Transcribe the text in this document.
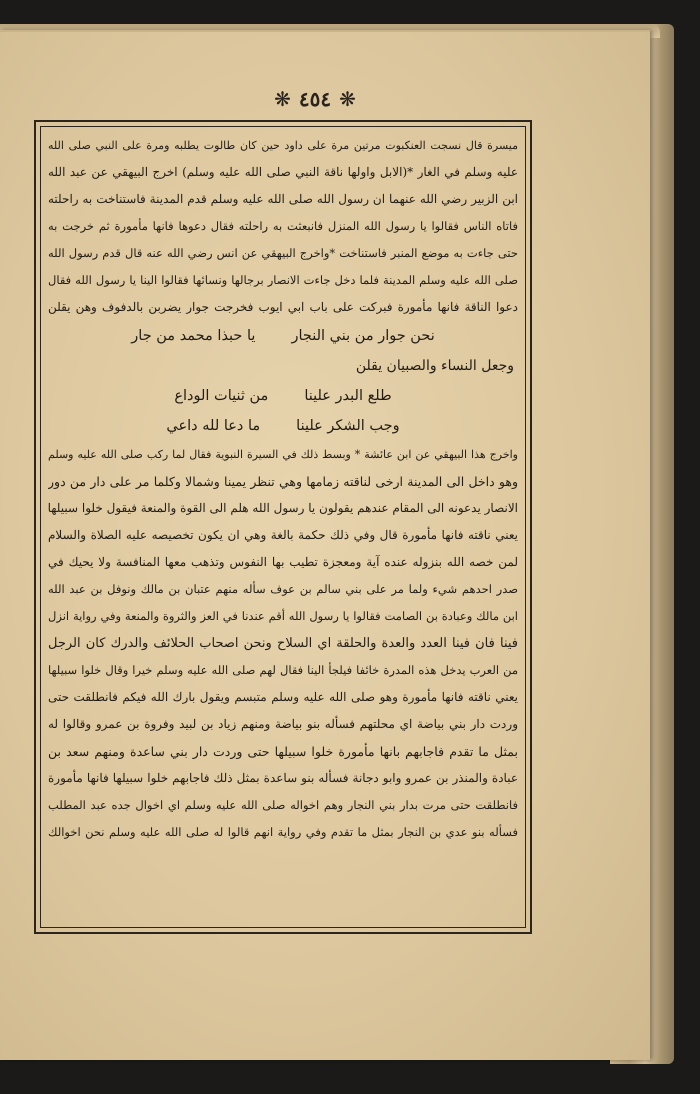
❋ ٤٥٤ ❋
ميسرة قال نسجت العنكبوت مرتين مرة على داود حين كان طالوت يطلبه ومرة على النبي صلى الله
عليه وسلم في الغار *(الابل واولها ناقة النبي صلى الله عليه وسلم) اخرج البيهقي عن عبد الله
ابن الزبير رضي الله عنهما ان رسول الله صلى الله عليه وسلم قدم المدينة فاستناخت به راحلته
فاتاه الناس فقالوا يا رسول الله المنزل فانبعثت به راحلته فقال دعوها فانها مأمورة ثم خرجت به
حتى جاءت به موضع المنبر فاستناخت *واخرج البيهقي عن انس رضي الله عنه قال قدم رسول الله
صلى الله عليه وسلم المدينة فلما دخل جاءت الانصار برجالها ونسائها فقالوا الينا يا رسول الله فقال
دعوا الناقة فانها مأمورة فبركت على باب ابي ايوب فخرجت جوار يضربن بالدفوف وهن يقلن
نحن جوار من بني النجار
يا حبذا محمد من جار
وجعل النساء والصبيان يقلن
طلع البدر علينا
من ثنيات الوداع
وجب الشكر علينا
ما دعا لله داعي
واخرج هذا البيهقي عن ابن عائشة * وبسط ذلك في السيرة النبوية فقال لما ركب صلى الله عليه وسلم
وهو داخل الى المدينة ارخى لناقته زمامها وهي تنظر يمينا وشمالا وكلما مر على دار من دور
الانصار يدعونه الى المقام عندهم يقولون يا رسول الله هلم الى القوة والمنعة فيقول خلوا سبيلها
يعني ناقته فانها مأمورة قال وفي ذلك حكمة بالغة وهي ان يكون تخصيصه عليه الصلاة والسلام
لمن خصه الله بنزوله عنده آية ومعجزة تطيب بها النفوس وتذهب معها المنافسة ولا يحيك في
صدر احدهم شيء ولما مر على بني سالم بن عوف سأله منهم عتبان بن مالك ونوفل بن عبد الله
ابن مالك وعبادة بن الصامت فقالوا يا رسول الله أقم عندنا في العز والثروة والمنعة وفي رواية انزل
فينا فان فينا العدد والعدة والحلقة اي السلاح ونحن اصحاب الحلائف والدرك كان الرجل
من العرب يدخل هذه المدرة خائفا فيلجأ الينا فقال لهم صلى الله عليه وسلم خيرا وقال خلوا سبيلها
يعني ناقته فانها مأمورة وهو صلى الله عليه وسلم متبسم ويقول بارك الله فيكم فانطلقت حتى
وردت دار بني بياضة اي محلتهم فسأله بنو بياضة ومنهم زياد بن لبيد وفروة بن عمرو وقالوا له
بمثل ما تقدم فاجابهم بانها مأمورة خلوا سبيلها حتى وردت دار بني ساعدة ومنهم سعد بن
عبادة والمنذر بن عمرو وابو دجانة فسأله بنو ساعدة بمثل ذلك فاجابهم خلوا سبيلها فانها مأمورة
فانطلقت حتى مرت بدار بني النجار وهم اخواله صلى الله عليه وسلم اي اخوال جده عبد المطلب
فسأله بنو عدي بن النجار بمثل ما تقدم وفي رواية انهم قالوا له صلى الله عليه وسلم نحن اخوالك
